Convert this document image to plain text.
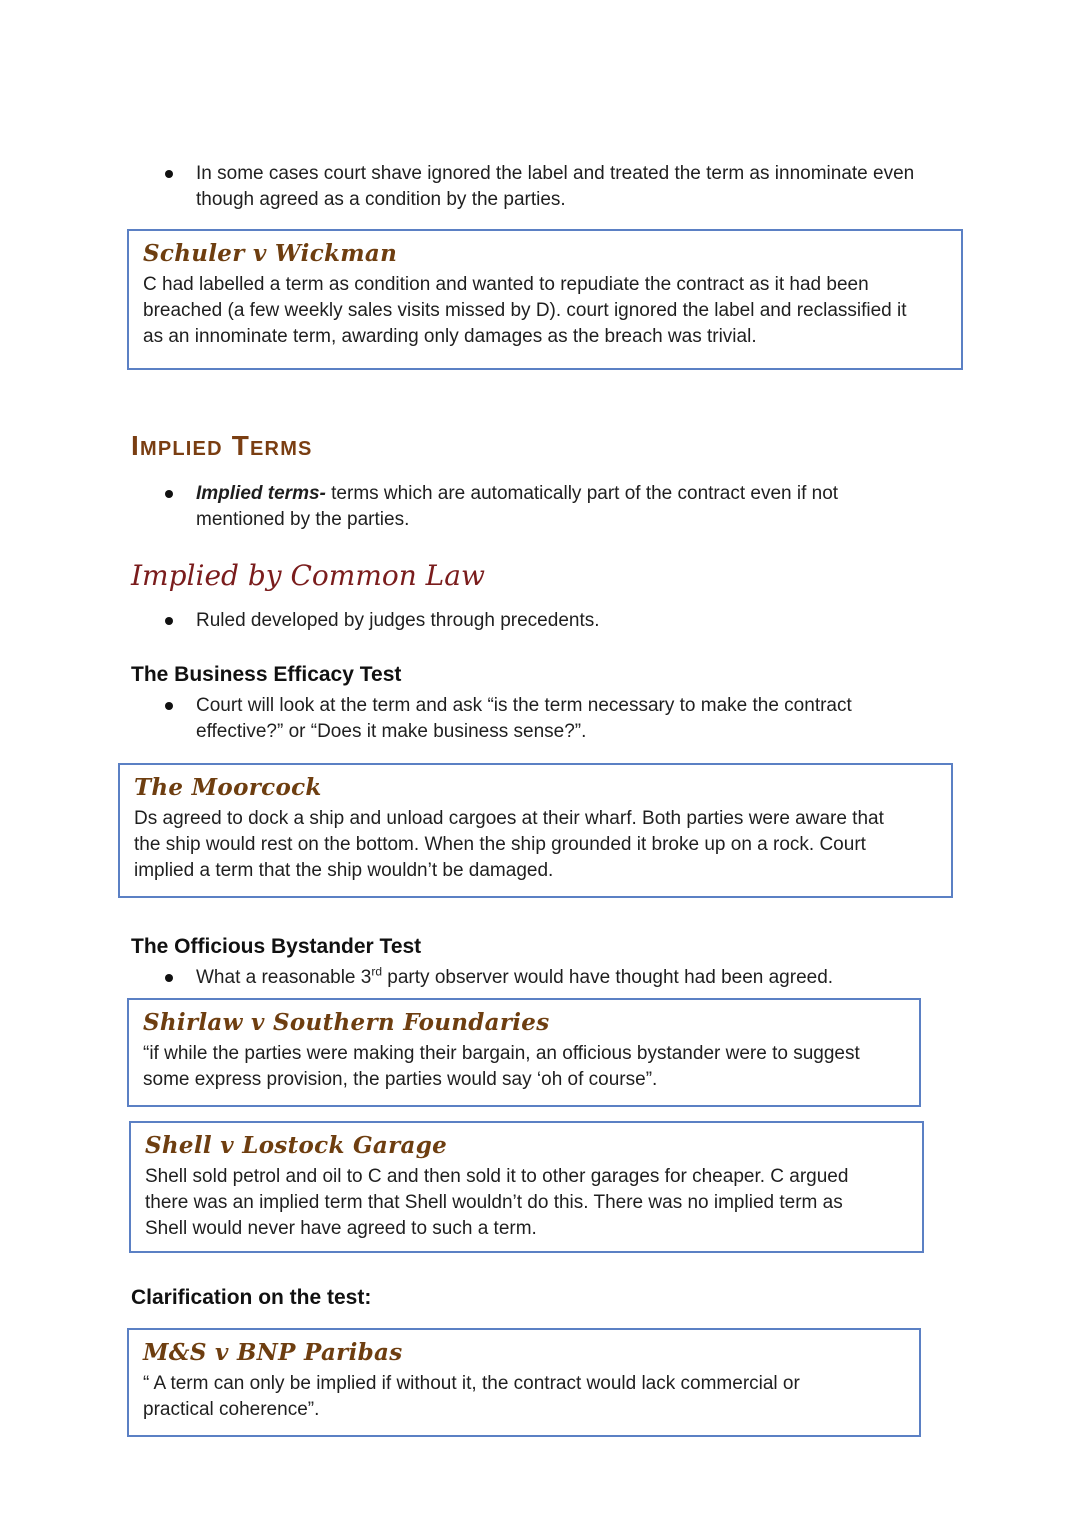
In some cases court shave ignored the label and treated the term as innominate even
though agreed as a condition by the parties.
Schuler v Wickman
C had labelled a term as condition and wanted to repudiate the contract as it had been
breached (a few weekly sales visits missed by D). court ignored the label and reclassified it
as an innominate term, awarding only damages as the breach was trivial.
Implied Terms
Implied terms- terms which are automatically part of the contract even if not
mentioned by the parties.
Implied by Common Law
Ruled developed by judges through precedents.
The Business Efficacy Test
Court will look at the term and ask “is the term necessary to make the contract
effective?” or “Does it make business sense?”.
The Moorcock
Ds agreed to dock a ship and unload cargoes at their wharf. Both parties were aware that
the ship would rest on the bottom. When the ship grounded it broke up on a rock. Court
implied a term that the ship wouldn’t be damaged.
The Officious Bystander Test
What a reasonable 3rd party observer would have thought had been agreed.
Shirlaw v Southern Foundaries
“if while the parties were making their bargain, an officious bystander were to suggest
some express provision, the parties would say ‘oh of course”.
Shell v Lostock Garage
Shell sold petrol and oil to C and then sold it to other garages for cheaper. C argued
there was an implied term that Shell wouldn’t do this. There was no implied term as
Shell would never have agreed to such a term.
Clarification on the test:
M&S v BNP Paribas
“ A term can only be implied if without it, the contract would lack commercial or
practical coherence”.
